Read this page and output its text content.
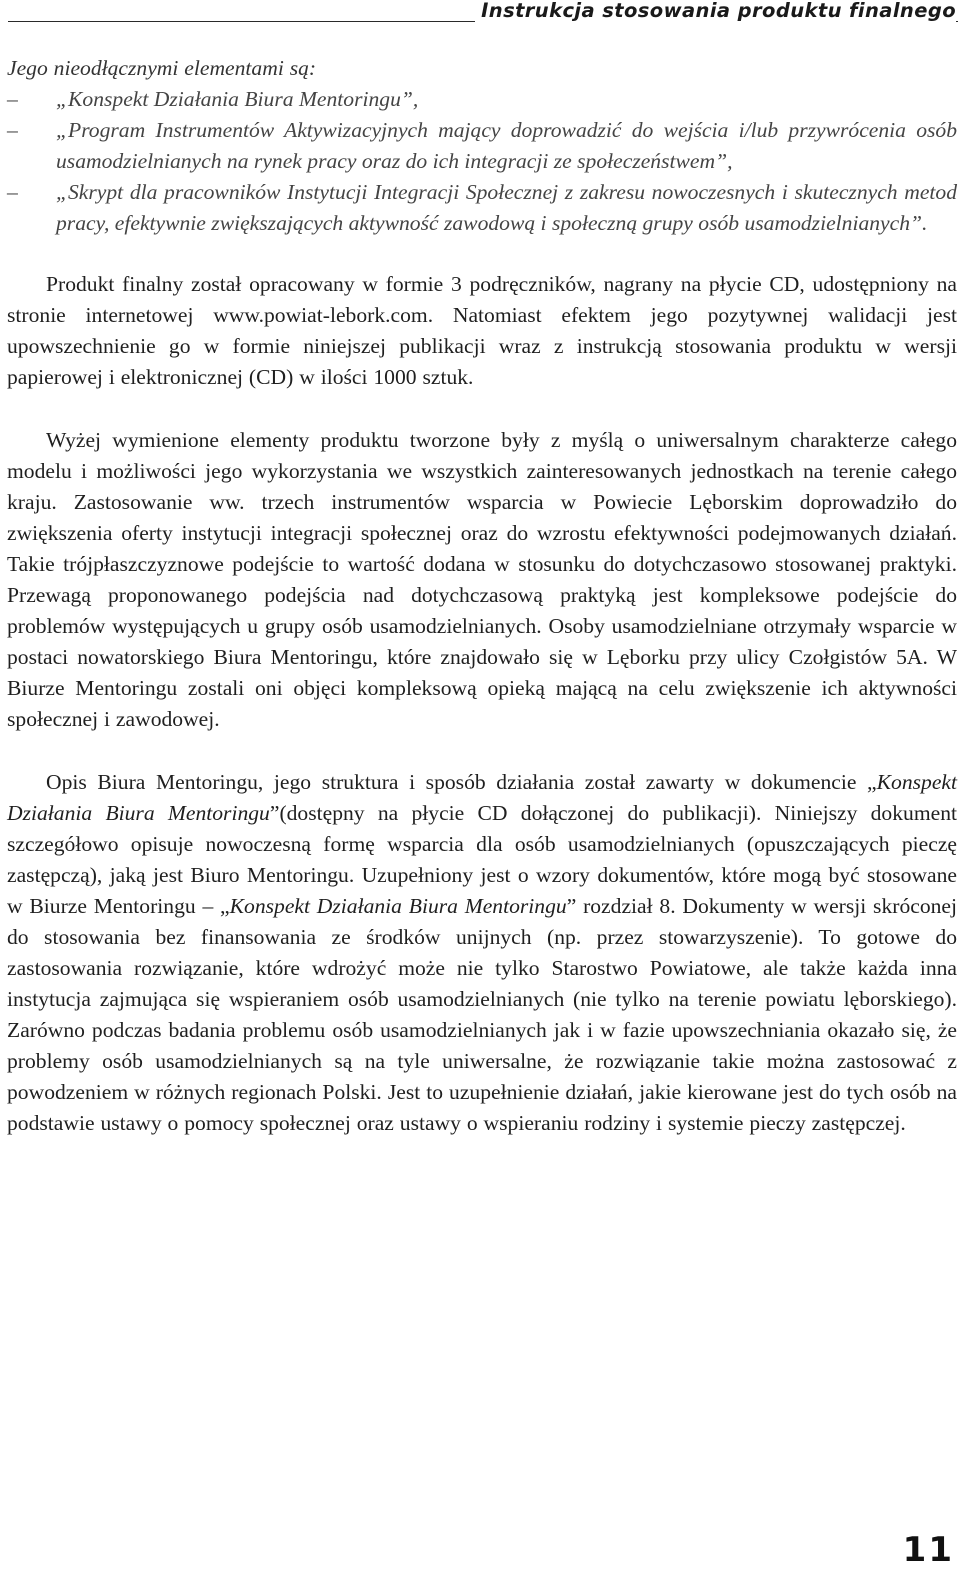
Instrukcja stosowania produktu finalnego

Jego nieodłącznymi elementami są:

– „Konspekt Działania Biura Mentoringu”,
– „Program Instrumentów Aktywizacyjnych mający doprowadzić do wejścia i/lub przywrócenia osób usamodzielnianych na rynek pracy oraz do ich integracji ze społeczeństwem”,
– „Skrypt dla pracowników Instytucji Integracji Społecznej z zakresu nowoczesnych i skutecznych metod pracy, efektywnie zwiększających aktywność zawodową i społeczną grupy osób usamodzielnianych”.

Produkt finalny został opracowany w formie 3 podręczników, nagrany na płycie CD, udostępniony na stronie internetowej www.powiat-lebork.com. Natomiast efektem jego pozytywnej walidacji jest upowszechnienie go w formie niniejszej publikacji wraz z instrukcją stosowania produktu w wersji papierowej i elektronicznej (CD) w ilości 1000 sztuk.

Wyżej wymienione elementy produktu tworzone były z myślą o uniwersalnym charakterze całego modelu i możliwości jego wykorzystania we wszystkich zainteresowanych jednostkach na terenie całego kraju. Zastosowanie ww. trzech instrumentów wsparcia w Powiecie Lęborskim doprowadziło do zwiększenia oferty instytucji integracji społecznej oraz do wzrostu efektywności podejmowanych działań. Takie trójpłaszczyznowe podejście to wartość dodana w stosunku do dotychczasowo stosowanej praktyki. Przewagą proponowanego podejścia nad dotychczasową praktyką jest kompleksowe podejście do problemów występujących u grupy osób usamodzielnianych. Osoby usamodzielniane otrzymały wsparcie w postaci nowatorskiego Biura Mentoringu, które znajdowało się w Lęborku przy ulicy Czołgistów 5A. W Biurze Mentoringu zostali oni objęci kompleksową opieką mającą na celu zwiększenie ich aktywności społecznej i zawodowej.

Opis Biura Mentoringu, jego struktura i sposób działania został zawarty w dokumencie „Konspekt Działania Biura Mentoringu”(dostępny na płycie CD dołączonej do publikacji). Niniejszy dokument szczegółowo opisuje nowoczesną formę wsparcia dla osób usamodzielnianych (opuszczających pieczę zastępczą), jaką jest Biuro Mentoringu. Uzupełniony jest o wzory dokumentów, które mogą być stosowane w Biurze Mentoringu – „Konspekt Działania Biura Mentoringu” rozdział 8. Dokumenty w wersji skróconej do stosowania bez finansowania ze środków unijnych (np. przez stowarzyszenie). To gotowe do zastosowania rozwiązanie, które wdrożyć może nie tylko Starostwo Powiatowe, ale także każda inna instytucja zajmująca się wspieraniem osób usamodzielnianych (nie tylko na terenie powiatu lęborskiego). Zarówno podczas badania problemu osób usamodzielnianych jak i w fazie upowszechniania okazało się, że problemy osób usamodzielnianych są na tyle uniwersalne, że rozwiązanie takie można zastosować z powodzeniem w różnych regionach Polski. Jest to uzupełnienie działań, jakie kierowane jest do tych osób na podstawie ustawy o pomocy społecznej oraz ustawy o wspieraniu rodziny i systemie pieczy zastępczej.

11
